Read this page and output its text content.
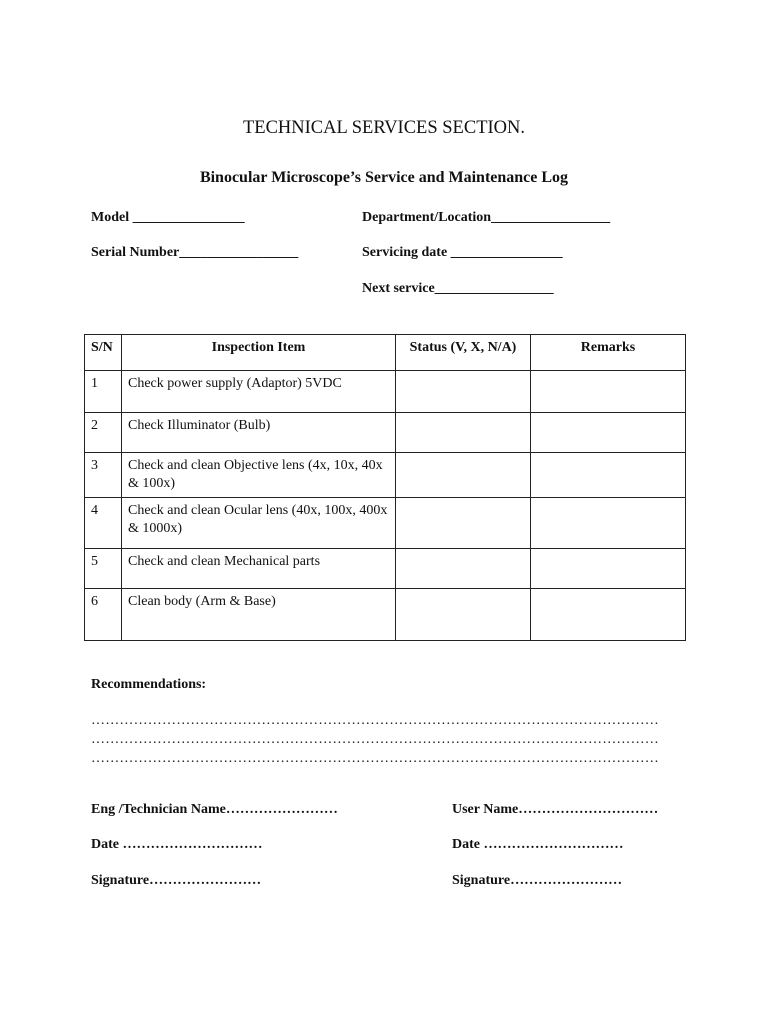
TECHNICAL SERVICES SECTION.
Binocular Microscope’s Service and Maintenance Log
Model ________________	Department/Location_________________
Serial Number_________________	Servicing date ________________
Next service_________________
S/N	Inspection Item	Status (V, X, N/A)	Remarks
1	Check power supply (Adaptor) 5VDC		
2	Check Illuminator (Bulb)		
3	Check and clean Objective lens (4x, 10x, 40x & 100x)		
4	Check and clean Ocular lens (40x, 100x, 400x & 1000x)		
5	Check and clean Mechanical parts		
6	Clean body (Arm & Base)		
Recommendations:
…………………………………………………………………………………………………………
…………………………………………………………………………………………………………
…………………………………………………………………………………………………………
Eng /Technician Name……………………	User Name…………………………
Date …………………………	Date …………………………
Signature……………………	Signature……………………
